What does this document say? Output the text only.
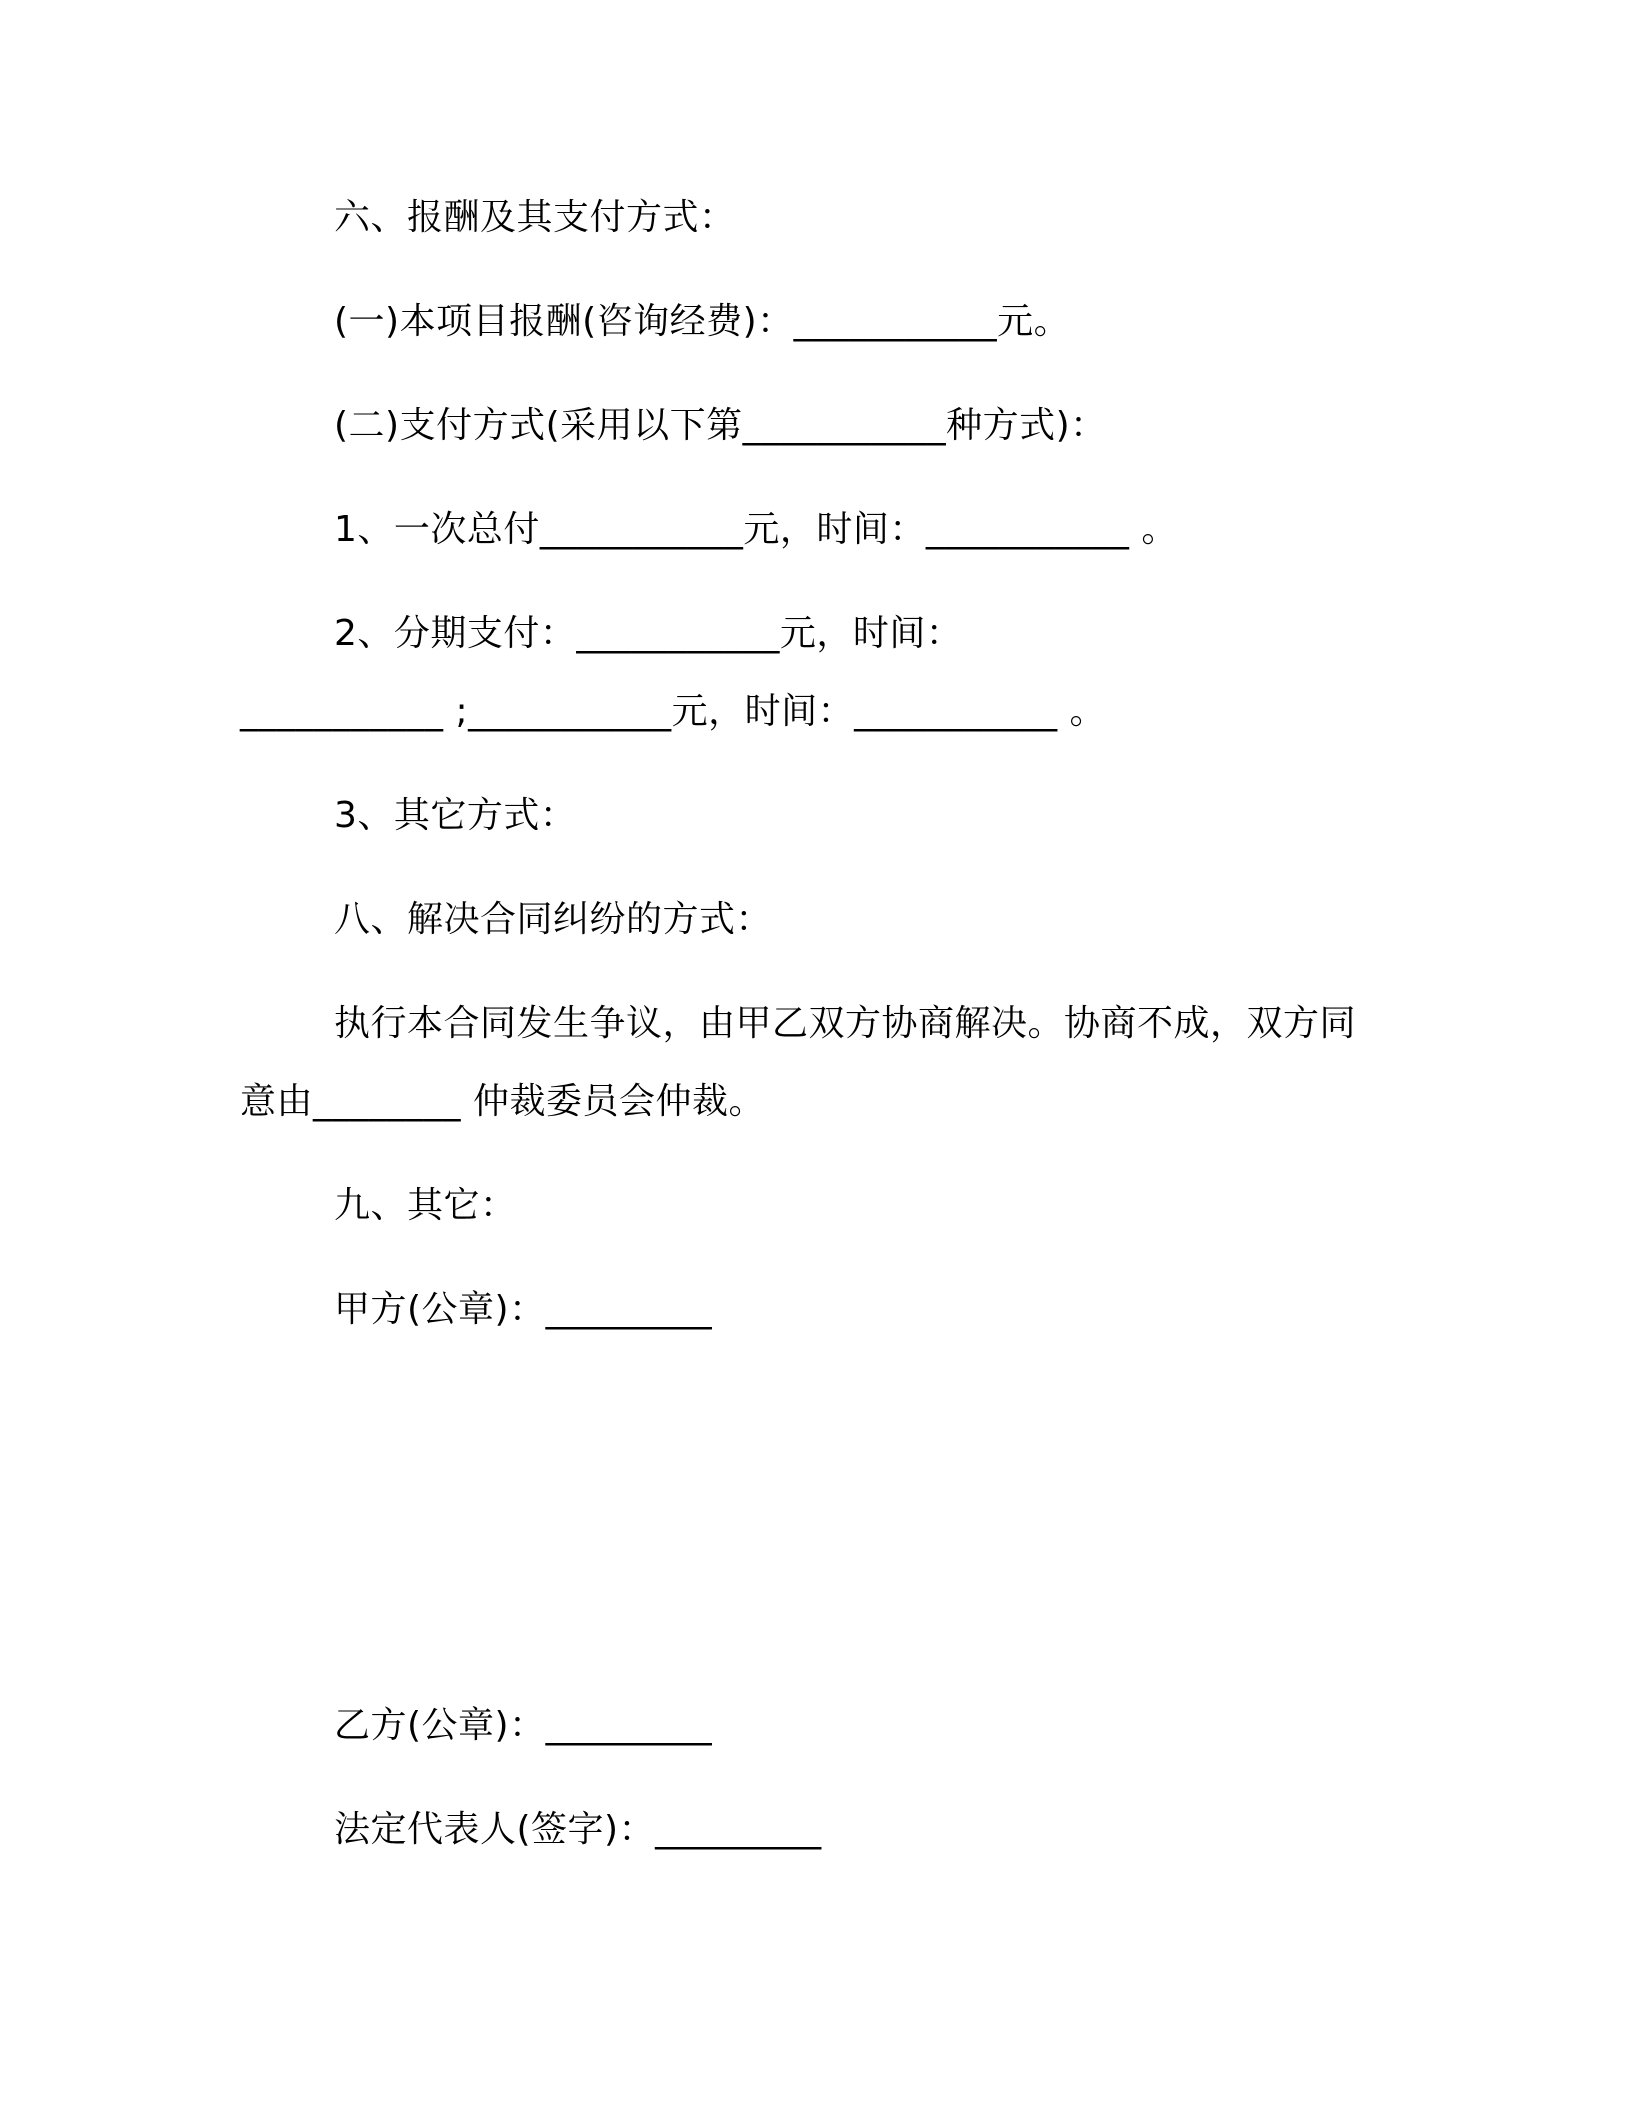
六、报酬及其支付方式：
(一)本项目报酬(咨询经费)：___________元。
(二)支付方式(采用以下第___________种方式)：
1、一次总付___________元，时间：___________ 。
2、分期支付：___________元，时间：
___________ ;___________元，时间：___________ 。
3、其它方式：
八、解决合同纠纷的方式：
执行本合同发生争议，由甲乙双方协商解决。协商不成，双方同
意由________ 仲裁委员会仲裁。
九、其它：
甲方(公章)：_________
乙方(公章)：_________
法定代表人(签字)：_________
